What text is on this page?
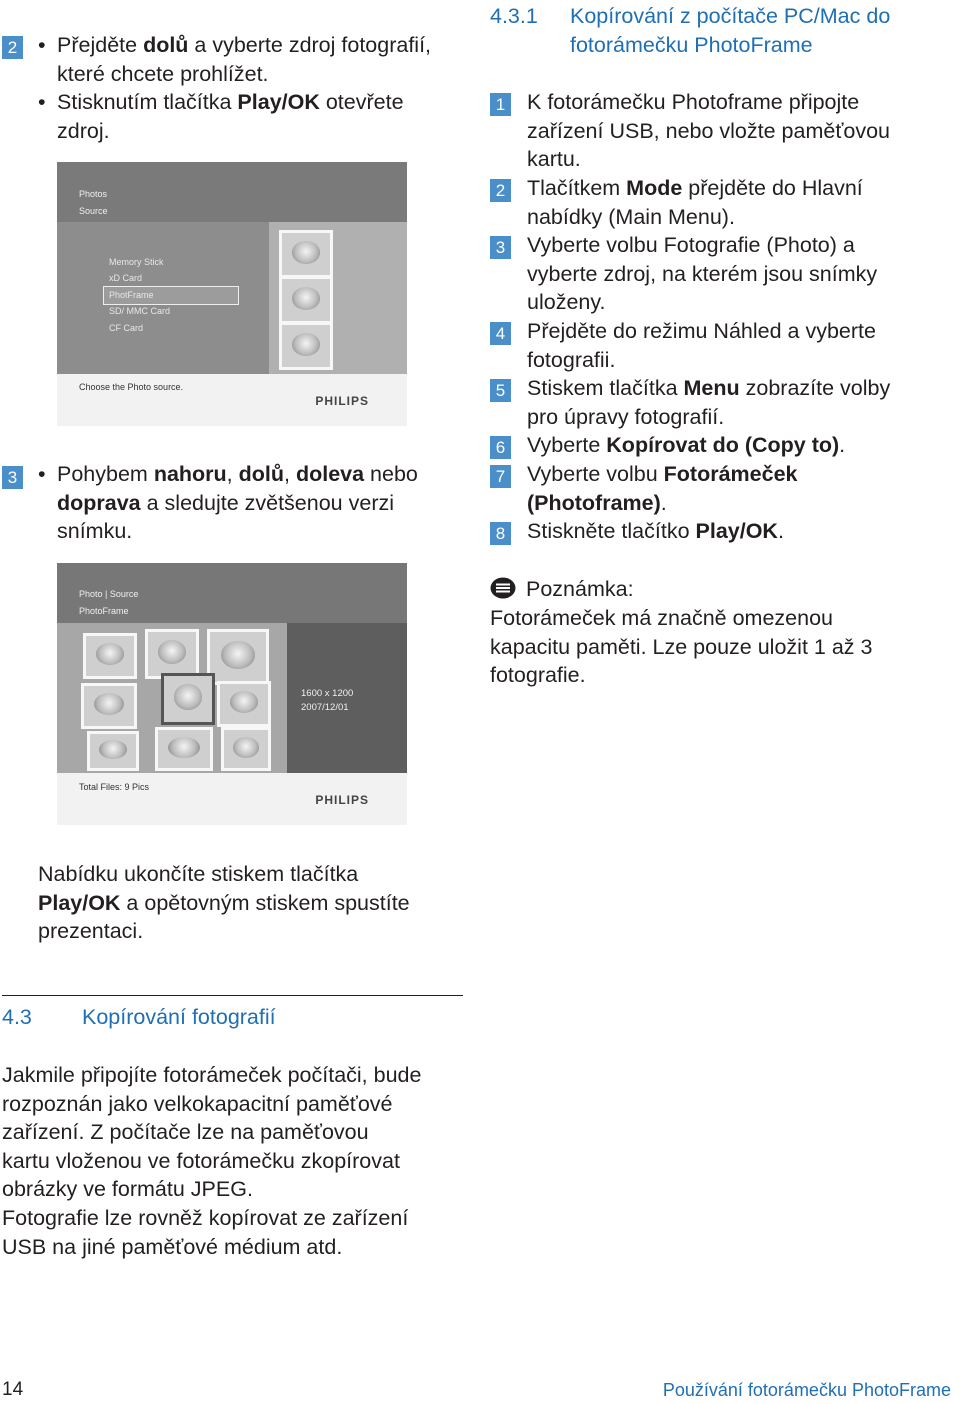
2 • Přejděte dolů a vyberte zdroj fotografií,
které chcete prohlížet.
• Stisknutím tlačítka Play/OK otevřete
zdroj.
Photos
Source
Memory Stick
xD Card
PhotFrame
SD/ MMC Card
CF Card
Choose the Photo source.
PHILIPS
3 • Pohybem nahoru, dolů, doleva nebo
doprava a sledujte zvětšenou verzi
snímku.
Photo | Source
PhotoFrame
1600 x 1200
2007/12/01
Total Files: 9 Pics
PHILIPS
Nabídku ukončíte stiskem tlačítka
Play/OK a opětovným stiskem spustíte
prezentaci.
4.3 Kopírování fotografií
Jakmile připojíte fotorámeček počítači, bude
rozpoznán jako velkokapacitní paměťové
zařízení. Z počítače lze na paměťovou
kartu vloženou ve fotorámečku zkopírovat
obrázky ve formátu JPEG.
Fotografie lze rovněž kopírovat ze zařízení
USB na jiné paměťové médium atd.
4.3.1 Kopírování z počítače PC/Mac do
fotorámečku PhotoFrame
1 K fotorámečku Photoframe připojte
zařízení USB, nebo vložte paměťovou
kartu.
2 Tlačítkem Mode přejděte do Hlavní
nabídky (Main Menu).
3 Vyberte volbu Fotografie (Photo) a
vyberte zdroj, na kterém jsou snímky
uloženy.
4 Přejděte do režimu Náhled a vyberte
fotografii.
5 Stiskem tlačítka Menu zobrazíte volby
pro úpravy fotografií.
6 Vyberte Kopírovat do (Copy to).
7 Vyberte volbu Fotorámeček
(Photoframe).
8 Stiskněte tlačítko Play/OK.
Poznámka:
Fotorámeček má značně omezenou
kapacitu paměti. Lze pouze uložit 1 až 3
fotografie.
14	Používání fotorámečku PhotoFrame
